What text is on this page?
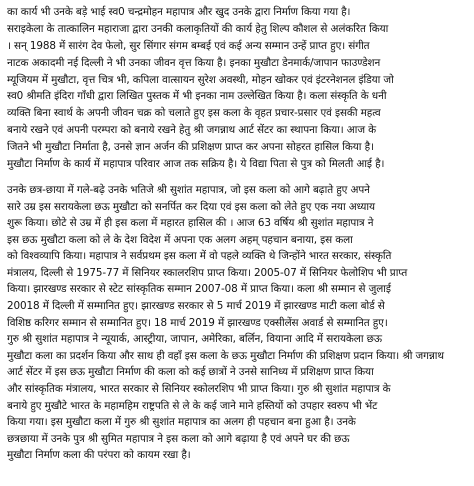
का कार्य भी उनके बड़े भाई स्व0 चन्द्रमोहन महापात्र और खुद उनके द्वारा निर्माण किया गया है।
सराइकेला के तात्कालिन महाराजा द्वारा उनकी कलाकृतियों की कार्य हेतु शिल्प कौशल से अलंकरित किया
। सन् 1988 में सारंग देव फेलो, सुर सिंगार संगम बम्बई एवं कई अन्य सम्मान उन्हें प्राप्त हुए। संगीत
नाटक अकादमी नई दिल्ली ने भी उनका जीवन वृत्त किया है। इनका मुखौटा डेनमार्क/जापान फाउण्डेशन
म्यूजियम में मुखौटा, वृत्त चित्र भी, कपिला वात्सायन सुरेश अवस्थी, मोहन खोकर एवं इंटरनेशनल इंडिया जो
स्व0 श्रीमति इंदिरा गाँधी द्वारा लिखित पुस्तक में भी इनका नाम उल्लेखित किया है। कला संस्कृति के धनी
व्यक्ति बिना स्वार्थ के अपनी जीवन चक्र को चलाते हुए इस कला के वृहत प्रचार-प्रसार एवं इसकी महत्व
बनाये रखने एवं अपनी परम्परा को बनाये रखने हेतु श्री जगन्नाथ आर्ट सेंटर का स्थापना किया। आज के
जितने भी मुखौटा निर्माता है, उनसे ज्ञान अर्जन की प्रशिक्षण प्राप्त कर अपना सोहरत हासिल किया है।
मुखौटा निर्माण के कार्य में महापात्र परिवार आज तक सक्रिय है। ये विद्या पिता से पुत्र को मिलती आई है।
उनके छत्र-छाया में गले-बढ़े उनके भतिजे श्री सुशांत महापात्र, जो इस कला को आगे बढ़ाते हुए अपने
सारे उम्र इस सरायकेला छऊ मुखौटा को सनर्पित कर दिया एवं इस कला को लेते हुए एक नया अध्याय
शुरू किया। छोटे से उम्र में ही इस कला में महारत हासिल की । आज 63 वर्षिय श्री सुशांत महापात्र ने
इस छऊ मुखौटा कला को ले के देश विदेश में अपना एक अलग अहम् पहचान बनाया, इस कला
को विश्वव्यापि किया। महापात्र ने सर्वप्रथम इस कला में वो पहले व्यक्ति थे जिन्होंने भारत सरकार, संस्कृति
मंत्रालय, दिल्ली से 1975-77 में सिनियर स्कालरशिप प्राप्त किया। 2005-07 में सिनियर फेलोशिप भी प्राप्त
किया। झारखण्ड सरकार से स्टेट सांस्कृतिक सम्मान 2007-08 में प्राप्त किया। कला श्री सम्मान से जुलाई
20018 में दिल्ली में सम्मानित हुए। झारखण्ड सरकार से 5 मार्च 2019 में झारखण्ड माटी कला बोर्ड से
विशिष्ठ करिगर सम्मान से सम्मानित हुए। 18 मार्च 2019 में झारखण्ड एक्सीलेंस अवार्ड से सम्मानित हुए।
गुरु श्री सुशांत महापात्र ने न्यूयार्क, आस्ट्रीया, जापान, अमेरिका, बर्लिन, वियाना आदि में सरायकेला छऊ
मुखौटा कला का प्रदर्शन किया और साथ ही वहाँ इस कला के छऊ मुखौटा निर्माण की प्रशिक्षण प्रदान किया। श्री जगन्नाथ
आर्ट सेंटर में इस छऊ मुखौटा निर्माण की कला को कई छात्रों ने उनसे सानिध्य में प्रशिक्षण प्राप्त किया
और सांस्कृतिक मंत्रालय, भारत सरकार से सिनियर स्कोलरशिप भी प्राप्त किया। गुरु श्री सुशांत महापात्र के
बनाये हुए मुखौटे भारत के महामहिम राष्ट्रपति से ले के कई जाने माने हस्तियों को उपहार स्वरुप भी भेंट
किया गया। इस मुखौटा कला में गुरु श्री सुशांत महापात्र का अलग ही पहचान बना हुआ है। उनके
छत्रछाया में उनके पुत्र श्री सुमित महापात्र ने इस कला को आगे बढ़ाया है एवं अपने घर की छऊ
मुखौटा निर्माण कला की परंपरा को कायम रखा है।
